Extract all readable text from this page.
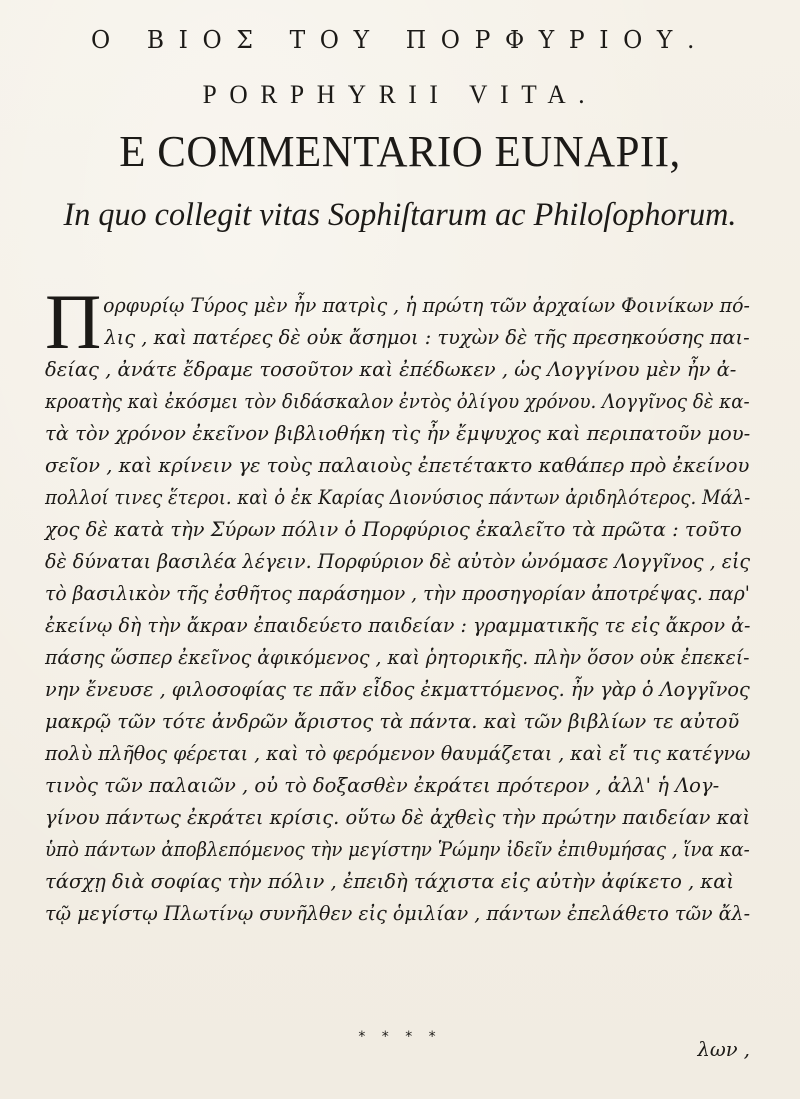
Ο ΒΙΟΣ ΤΟΥ ΠΟΡΦΥΡΙΟΥ.
PORPHYRII VITA.
E COMMENTARIO EUNAPII,

In quo collegit vitas Sophiſtarum ac Philoſophorum.

Π ορφυρίῳ Τύρος μὲν ἦν πατρὶς , ἡ πρώτη τῶν ἀρχαίων Φοινίκων πό-
λις , καὶ πατέρες δὲ οὐκ ἄσημοι : τυχὼν δὲ τῆς πρεσηκούσης παι-
δείας , ἀνάτε ἔδραμε τοσοῦτον καὶ ἐπέδωκεν , ὡς Λογγίνου μὲν ἦν ἀ-
κροατὴς καὶ ἐκόσμει τὸν διδάσκαλον ἐντὸς ὀλίγου χρόνου. Λογγῖνος δὲ κα-
τὰ τὸν χρόνον ἐκεῖνον βιβλιοθήκη τὶς ἦν ἔμψυχος καὶ περιπατοῦν μου-
σεῖον , καὶ κρίνειν γε τοὺς παλαιοὺς ἐπετέτακτο καθάπερ πρὸ ἐκείνου
πολλοί τινες ἕτεροι. καὶ ὁ ἐκ Καρίας Διονύσιος πάντων ἀριδηλότερος. Μάλ-
χος δὲ κατὰ τὴν Σύρων πόλιν ὁ Πορφύριος ἐκαλεῖτο τὰ πρῶτα : τοῦτο
δὲ δύναται βασιλέα λέγειν. Πορφύριον δὲ αὐτὸν ὠνόμασε Λογγῖνος , εἰς
τὸ βασιλικὸν τῆς ἐσθῆτος παράσημον , τὴν προσηγορίαν ἀποτρέψας. παρ'
ἐκείνῳ δὴ τὴν ἄκραν ἐπαιδεύετο παιδείαν : γραμματικῆς τε εἰς ἄκρον ἀ-
πάσης ὥσπερ ἐκεῖνος ἀφικόμενος , καὶ ῥητορικῆς. πλὴν ὅσον οὐκ ἐπεκεί-
νην ἔνευσε , φιλοσοφίας τε πᾶν εἶδος ἐκματτόμενος. ἦν γὰρ ὁ Λογγῖνος
μακρῷ τῶν τότε ἀνδρῶν ἄριστος τὰ πάντα. καὶ τῶν βιβλίων τε αὐτοῦ
πολὺ πλῆθος φέρεται , καὶ τὸ φερόμενον θαυμάζεται , καὶ εἴ τις κατέγνω
τινὸς τῶν παλαιῶν , οὐ τὸ δοξασθὲν ἐκράτει πρότερον , ἀλλ' ἡ Λογ-
γίνου πάντως ἐκράτει κρίσις. οὕτω δὲ ἀχθεὶς τὴν πρώτην παιδείαν καὶ
ὑπὸ πάντων ἀποβλεπόμενος τὴν μεγίστην Ῥώμην ἰδεῖν ἐπιθυμήσας , ἵνα κα-
τάσχῃ διὰ σοφίας τὴν πόλιν , ἐπειδὴ τάχιστα εἰς αὐτὴν ἀφίκετο , καὶ
τῷ μεγίστῳ Πλωτίνῳ συνῆλθεν εἰς ὁμιλίαν , πάντων ἐπελάθετο τῶν ἄλ-
* * * *
λων ,
